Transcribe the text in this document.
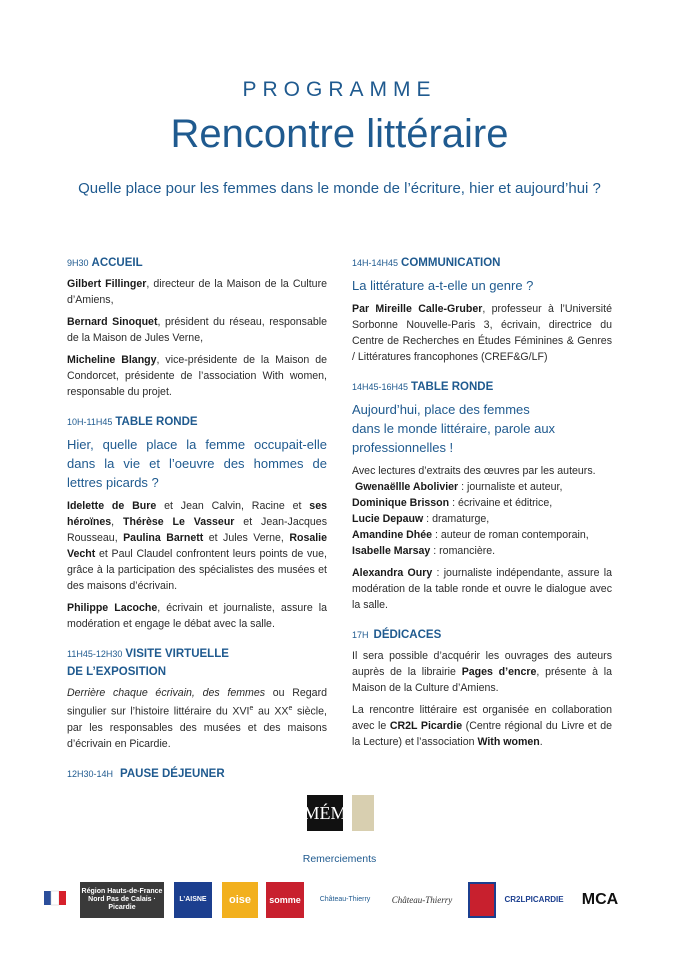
PROGRAMME
Rencontre littéraire
Quelle place pour les femmes dans le monde de l’écriture, hier et aujourd’hui ?
9H30 ACCUEIL

Gilbert Fillinger, directeur de la Maison de la Culture d’Amiens,

Bernard Sinoquet, président du réseau, responsable de la Maison de Jules Verne,

Micheline Blangy, vice-présidente de la Maison de Condorcet, présidente de l’association With women, responsable du projet.

10H-11H45 TABLE RONDE
Hier, quelle place la femme occupait-elle dans la vie et l’oeuvre des hommes de lettres picards ?

Idelette de Bure et Jean Calvin, Racine et ses héroïnes, Thérèse Le Vasseur et Jean-Jacques Rousseau, Paulina Barnett et Jules Verne, Rosalie Vecht et Paul Claudel confrontent leurs points de vue, grâce à la participation des spécialistes des musées et des maisons d’écrivain.

Philippe Lacoche, écrivain et journaliste, assure la modération et engage le débat avec la salle.

11H45-12H30 VISITE VIRTUELLE
DE L’EXPOSITION

Derrière chaque écrivain, des femmes ou Regard singulier sur l’histoire littéraire du XVIe au XXe siècle, par les responsables des musées et des maisons d’écrivain en Picardie.

12H30-14H PAUSE DÉJEUNER
14H-14H45 COMMUNICATION
La littérature a-t-elle un genre ?

Par Mireille Calle-Gruber, professeur à l’Université Sorbonne Nouvelle-Paris 3, écrivain, directrice du Centre de Recherches en Études Féminines & Genres / Littératures francophones (CREF&G/LF)

14H45-16H45 TABLE RONDE
Aujourd’hui, place des femmes
dans le monde littéraire, parole aux
professionnelles !
Avec lectures d’extraits des œuvres par les auteurs.
Gwenaëllle Abolivier : journaliste et auteur,
Dominique Brisson : écrivaine et éditrice,
Lucie Depauw : dramaturge,
Amandine Dhée : auteur de roman contemporain,
Isabelle Marsay : romancière.

Alexandra Oury : journaliste indépendante, assure la modération de la table ronde et ouvre le dialogue avec la salle.

17H DÉDICACES

Il sera possible d’acquérir les ouvrages des auteurs auprès de la librairie Pages d’encre, présente à la Maison de la Culture d’Amiens.

La rencontre littéraire est organisée en collaboration avec le CR2L Picardie (Centre régional du Livre et de la Lecture) et l’association With women.

MÉM
Remerciements
Région Hauts-de-France Nord Pas de Calais · Picardie
L’AISNE	oise	somme	Château-Thierry	Château-Thierry	CR2LPICARDIE	MCA
